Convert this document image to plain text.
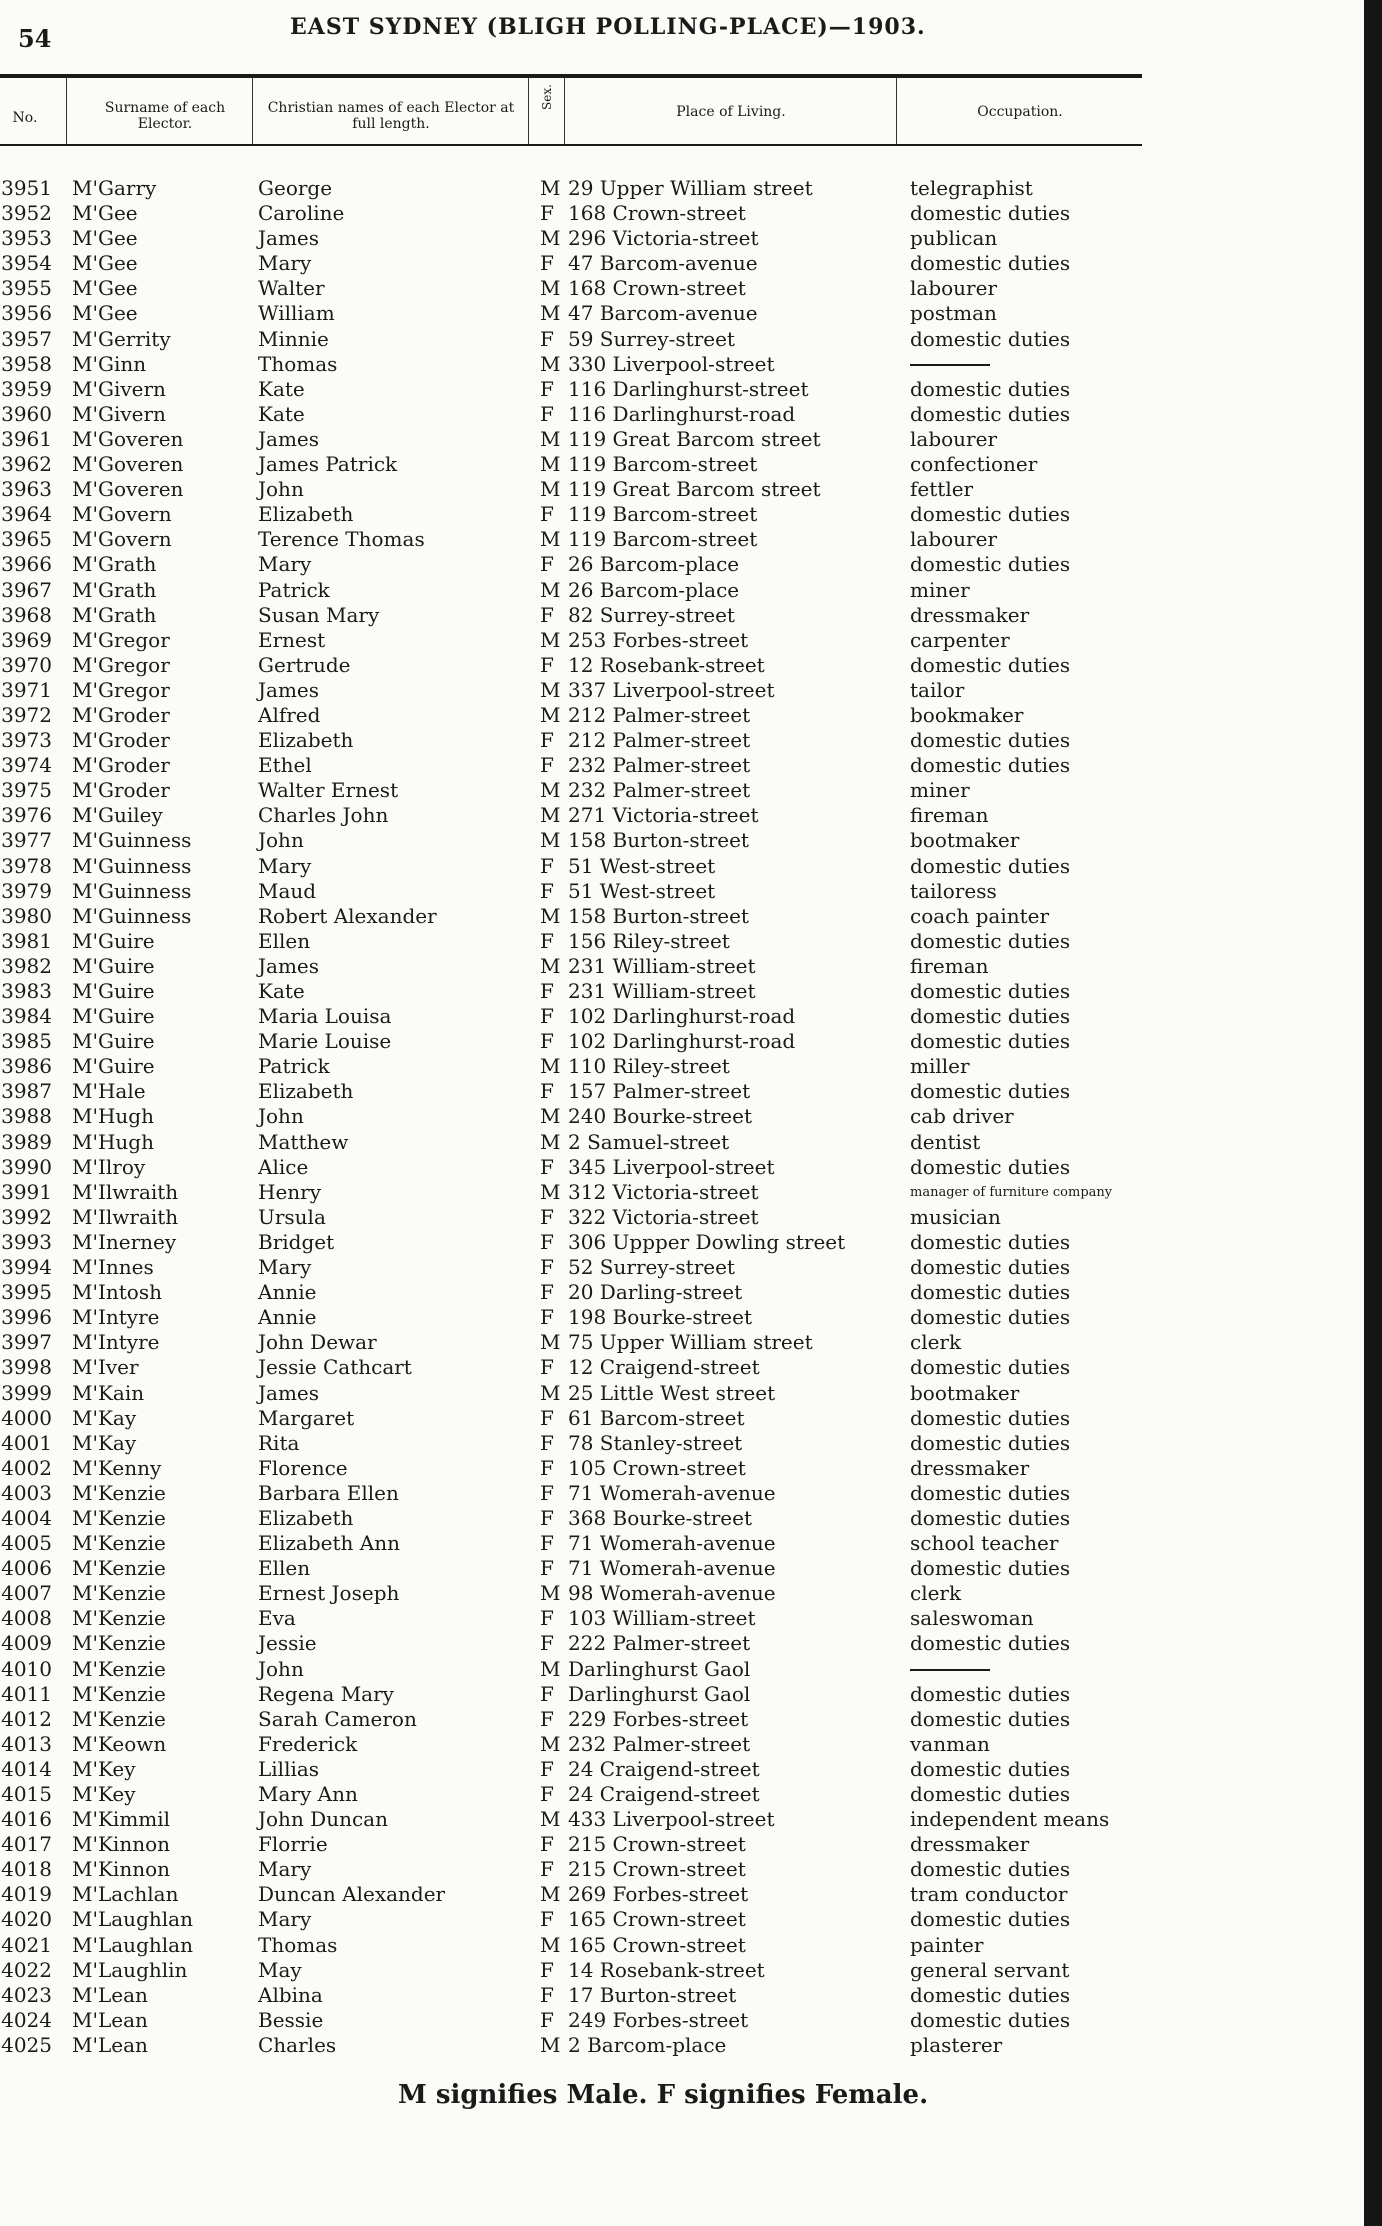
54	EAST SYDNEY (BLIGH POLLING-PLACE)—1903.
No.
Surname of each Elector.
Christian names of each Elector at full length.
Sex.
Place of Living.	Occupation.
3951 M'Garry	George	M 29 Upper William street	telegraphist
3952 M'Gee	Caroline	F 168 Crown-street	domestic duties
3953 M'Gee	James	M 296 Victoria-street	publican
3954 M'Gee	Mary	F 47 Barcom-avenue	domestic duties
3955 M'Gee	Walter	M 168 Crown-street	labourer
3956 M'Gee	William	M 47 Barcom-avenue	postman
3957 M'Gerrity	Minnie	F 59 Surrey-street	domestic duties
3958 M'Ginn	Thomas	M 330 Liverpool-street
3959 M'Givern	Kate	F 116 Darlinghurst-street	domestic duties
3960 M'Givern	Kate	F 116 Darlinghurst-road	domestic duties
3961 M'Goveren	James	M 119 Great Barcom street	labourer
3962 M'Goveren	James Patrick	M 119 Barcom-street	confectioner
3963 M'Goveren	John	M 119 Great Barcom street	fettler
3964 M'Govern	Elizabeth	F 119 Barcom-street	domestic duties
3965 M'Govern	Terence Thomas	M 119 Barcom-street	labourer
3966 M'Grath	Mary	F 26 Barcom-place	domestic duties
3967 M'Grath	Patrick	M 26 Barcom-place	miner
3968 M'Grath	Susan Mary	F 82 Surrey-street	dressmaker
3969 M'Gregor	Ernest	M 253 Forbes-street	carpenter
3970 M'Gregor	Gertrude	F 12 Rosebank-street	domestic duties
3971 M'Gregor	James	M 337 Liverpool-street	tailor
3972 M'Groder	Alfred	M 212 Palmer-street	bookmaker
3973 M'Groder	Elizabeth	F 212 Palmer-street	domestic duties
3974 M'Groder	Ethel	F 232 Palmer-street	domestic duties
3975 M'Groder	Walter Ernest	M 232 Palmer-street	miner
3976 M'Guiley	Charles John	M 271 Victoria-street	fireman
3977 M'Guinness	John	M 158 Burton-street	bootmaker
3978 M'Guinness	Mary	F 51 West-street	domestic duties
3979 M'Guinness	Maud	F 51 West-street	tailoress
3980 M'Guinness	Robert Alexander	M 158 Burton-street	coach painter
3981 M'Guire	Ellen	F 156 Riley-street	domestic duties
3982 M'Guire	James	M 231 William-street	fireman
3983 M'Guire	Kate	F 231 William-street	domestic duties
3984 M'Guire	Maria Louisa	F 102 Darlinghurst-road	domestic duties
3985 M'Guire	Marie Louise	F 102 Darlinghurst-road	domestic duties
3986 M'Guire	Patrick	M 110 Riley-street	miller
3987 M'Hale	Elizabeth	F 157 Palmer-street	domestic duties
3988 M'Hugh	John	M 240 Bourke-street	cab driver
3989 M'Hugh	Matthew	M 2 Samuel-street	dentist
3990 M'Ilroy	Alice	F 345 Liverpool-street	domestic duties
3991 M'Ilwraith	Henry	M 312 Victoria-street	manager of furniture company
3992 M'Ilwraith	Ursula	F 322 Victoria-street	musician
3993 M'Inerney	Bridget	F 306 Uppper Dowling street	domestic duties
3994 M'Innes	Mary	F 52 Surrey-street	domestic duties
3995 M'Intosh	Annie	F 20 Darling-street	domestic duties
3996 M'Intyre	Annie	F 198 Bourke-street	domestic duties
3997 M'Intyre	John Dewar	M 75 Upper William street	clerk
3998 M'Iver	Jessie Cathcart	F 12 Craigend-street	domestic duties
3999 M'Kain	James	M 25 Little West street	bootmaker
4000 M'Kay	Margaret	F 61 Barcom-street	domestic duties
4001 M'Kay	Rita	F 78 Stanley-street	domestic duties
4002 M'Kenny	Florence	F 105 Crown-street	dressmaker
4003 M'Kenzie	Barbara Ellen	F 71 Womerah-avenue	domestic duties
4004 M'Kenzie	Elizabeth	F 368 Bourke-street	domestic duties
4005 M'Kenzie	Elizabeth Ann	F 71 Womerah-avenue	school teacher
4006 M'Kenzie	Ellen	F 71 Womerah-avenue	domestic duties
4007 M'Kenzie	Ernest Joseph	M 98 Womerah-avenue	clerk
4008 M'Kenzie	Eva	F 103 William-street	saleswoman
4009 M'Kenzie	Jessie	F 222 Palmer-street	domestic duties
4010 M'Kenzie	John	M Darlinghurst Gaol
4011 M'Kenzie	Regena Mary	F Darlinghurst Gaol	domestic duties
4012 M'Kenzie	Sarah Cameron	F 229 Forbes-street	domestic duties
4013 M'Keown	Frederick	M 232 Palmer-street	vanman
4014 M'Key	Lillias	F 24 Craigend-street	domestic duties
4015 M'Key	Mary Ann	F 24 Craigend-street	domestic duties
4016 M'Kimmil	John Duncan	M 433 Liverpool-street	independent means
4017 M'Kinnon	Florrie	F 215 Crown-street	dressmaker
4018 M'Kinnon	Mary	F 215 Crown-street	domestic duties
4019 M'Lachlan	Duncan Alexander	M 269 Forbes-street	tram conductor
4020 M'Laughlan	Mary	F 165 Crown-street	domestic duties
4021 M'Laughlan	Thomas	M 165 Crown-street	painter
4022 M'Laughlin	May	F 14 Rosebank-street	general servant
4023 M'Lean	Albina	F 17 Burton-street	domestic duties
4024 M'Lean	Bessie	F 249 Forbes-street	domestic duties
4025 M'Lean	Charles	M 2 Barcom-place	plasterer
M signifies Male. F signifies Female.
